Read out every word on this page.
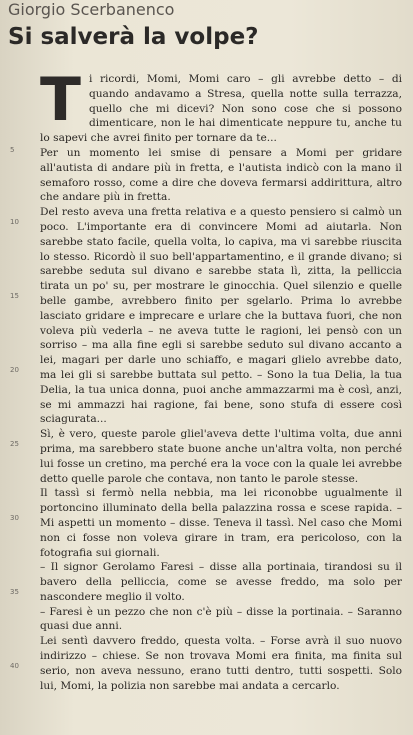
Giorgio Scerbanenco
Si salverà la volpe?
5
10
15
20
25
30
35
40

Ti ricordi, Momi, Momi caro – gli avrebbe detto – di quando andavamo a Stresa, quella notte sulla terrazza, quello che mi dicevi? Non sono cose che si possono dimenticare, non le hai dimenticate neppure tu, anche tu lo sapevi che avrei finito per tornare da te...

Per un momento lei smise di pensare a Momi per gridare all'autista di andare più in fretta, e l'autista indicò con la mano il semaforo rosso, come a dire che doveva fermarsi addirittura, altro che andare più in fretta.

Del resto aveva una fretta relativa e a questo pensiero si calmò un poco. L'importante era di convincere Momi ad aiutarla. Non sarebbe stato facile, quella volta, lo capiva, ma vi sarebbe riuscita lo stesso. Ricordò il suo bell'appartamentino, e il grande divano; si sarebbe seduta sul divano e sarebbe stata lì, zitta, la pelliccia tirata un po' su, per mostrare le ginocchia. Quel silenzio e quelle belle gambe, avrebbero finito per sgelarlo. Prima lo avrebbe lasciato gridare e imprecare e urlare che la buttava fuori, che non voleva più vederla – ne aveva tutte le ragioni, lei pensò con un sorriso – ma alla fine egli si sarebbe seduto sul divano accanto a lei, magari per darle uno schiaffo, e magari glielo avrebbe dato, ma lei gli si sarebbe buttata sul petto. – Sono la tua Delia, la tua Delia, la tua unica donna, puoi anche ammazzarmi ma è così, anzi, se mi ammazzi hai ragione, fai bene, sono stufa di essere così sciagurata...

Sì, è vero, queste parole gliel'aveva dette l'ultima volta, due anni prima, ma sarebbero state buone anche un'altra volta, non perché lui fosse un cretino, ma perché era la voce con la quale lei avrebbe detto quelle parole che contava, non tanto le parole stesse.

Il tassì si fermò nella nebbia, ma lei riconobbe ugualmente il portoncino illuminato della bella palazzina rossa e scese rapida. – Mi aspetti un momento – disse. Teneva il tassì. Nel caso che Momi non ci fosse non voleva girare in tram, era pericoloso, con la fotografia sui giornali.

– Il signor Gerolamo Faresi – disse alla portinaia, tirandosi su il bavero della pelliccia, come se avesse freddo, ma solo per nascondere meglio il volto.

– Faresi è un pezzo che non c'è più – disse la portinaia. – Saranno quasi due anni.

Lei sentì davvero freddo, questa volta. – Forse avrà il suo nuovo indirizzo – chiese. Se non trovava Momi era finita, ma finita sul serio, non aveva nessuno, erano tutti dentro, tutti sospetti. Solo lui, Momi, la polizia non sarebbe mai andata a cercarlo.
